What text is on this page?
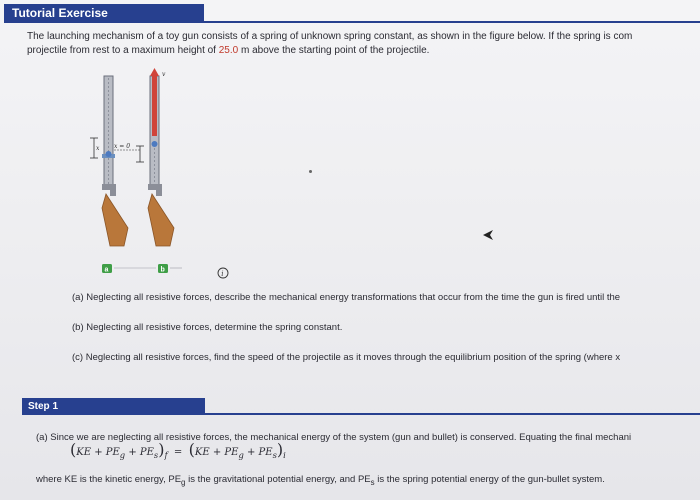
Tutorial Exercise
The launching mechanism of a toy gun consists of a spring of unknown spring constant, as shown in the figure below. If the spring is com
projectile from rest to a maximum height of 25.0 m above the starting point of the projectile.
x x = 0
v
a	b	i
(a) Neglecting all resistive forces, describe the mechanical energy transformations that occur from the time the gun is fired until the
(b) Neglecting all resistive forces, determine the spring constant.
(c) Neglecting all resistive forces, find the speed of the projectile as it moves through the equilibrium position of the spring (where x
Step 1
(a) Since we are neglecting all resistive forces, the mechanical energy of the system (gun and bullet) is conserved. Equating the final mechani
$(KE + PE_g + PE_s)_f = (KE + PE_g + PE_s)_i$
where KE is the kinetic energy, $PE_g$ is the gravitational potential energy, and $PE_s$ is the spring potential energy of the gun-bullet system.
